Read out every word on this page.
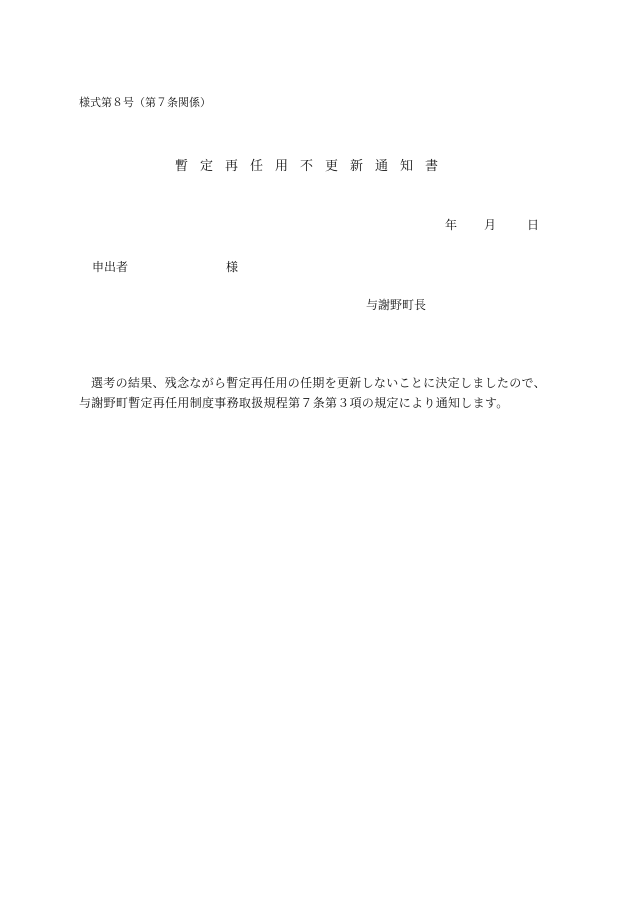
様式第８号（第７条関係）
暫定再任用不更新通知書
年 月	日
申出者	様
与謝野町長
選考の結果、残念ながら暫定再任用の任期を更新しないことに決定しましたので、与謝野町暫定再任用制度事務取扱規程第７条第３項の規定により通知します。
